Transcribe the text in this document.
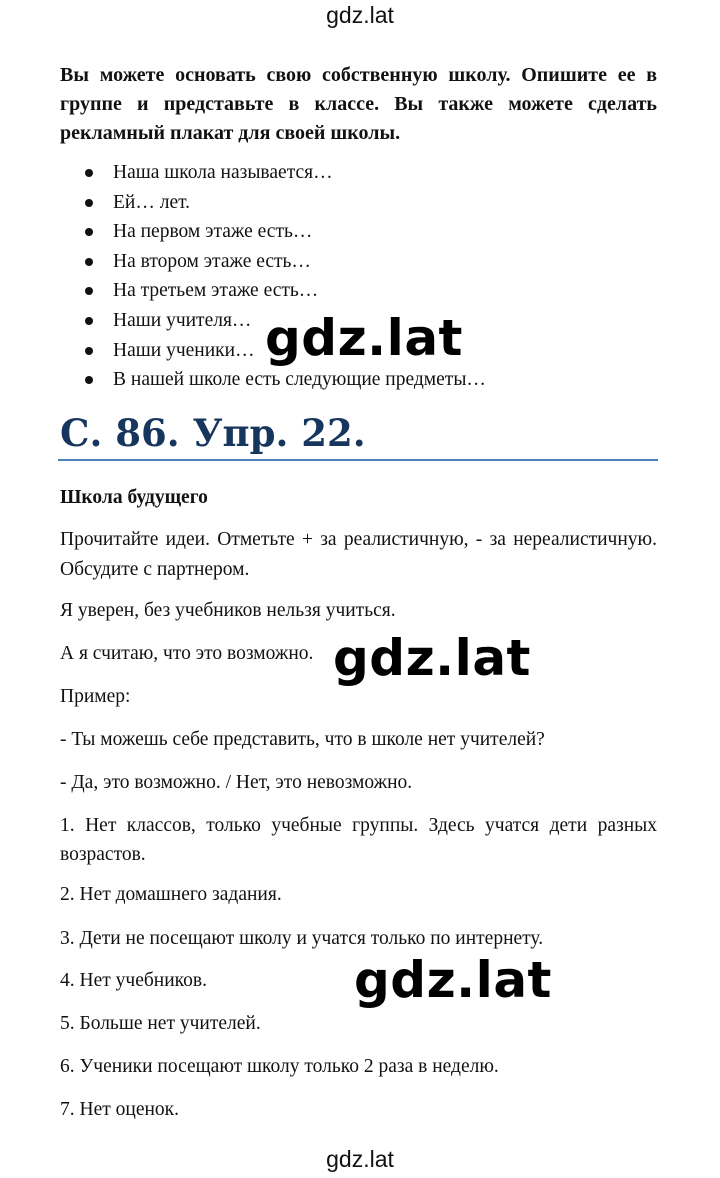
gdz.lat
Вы можете основать свою собственную школу. Опишите ее в группе и представьте в классе. Вы также можете сделать рекламный плакат для своей школы.
Наша школа называется…
Ей… лет.
На первом этаже есть…
На втором этаже есть…
На третьем этаже есть…
Наши учителя…
Наши ученики…
В нашей школе есть следующие предметы…
gdz.lat
С. 86. Упр. 22.
Школа будущего
Прочитайте идеи. Отметьте + за реалистичную, - за нереалистичную. Обсудите с партнером.
Я уверен, без учебников нельзя учиться.
А я считаю, что это возможно. gdz.lat
Пример:
- Ты можешь себе представить, что в школе нет учителей?
- Да, это возможно. / Нет, это невозможно.
1. Нет классов, только учебные группы. Здесь учатся дети разных возрастов.
2. Нет домашнего задания.
3. Дети не посещают школу и учатся только по интернету.
4. Нет учебников.
5. Больше нет учителей.
6. Ученики посещают школу только 2 раза в неделю.
7. Нет оценок.
gdz.lat
gdz.lat
